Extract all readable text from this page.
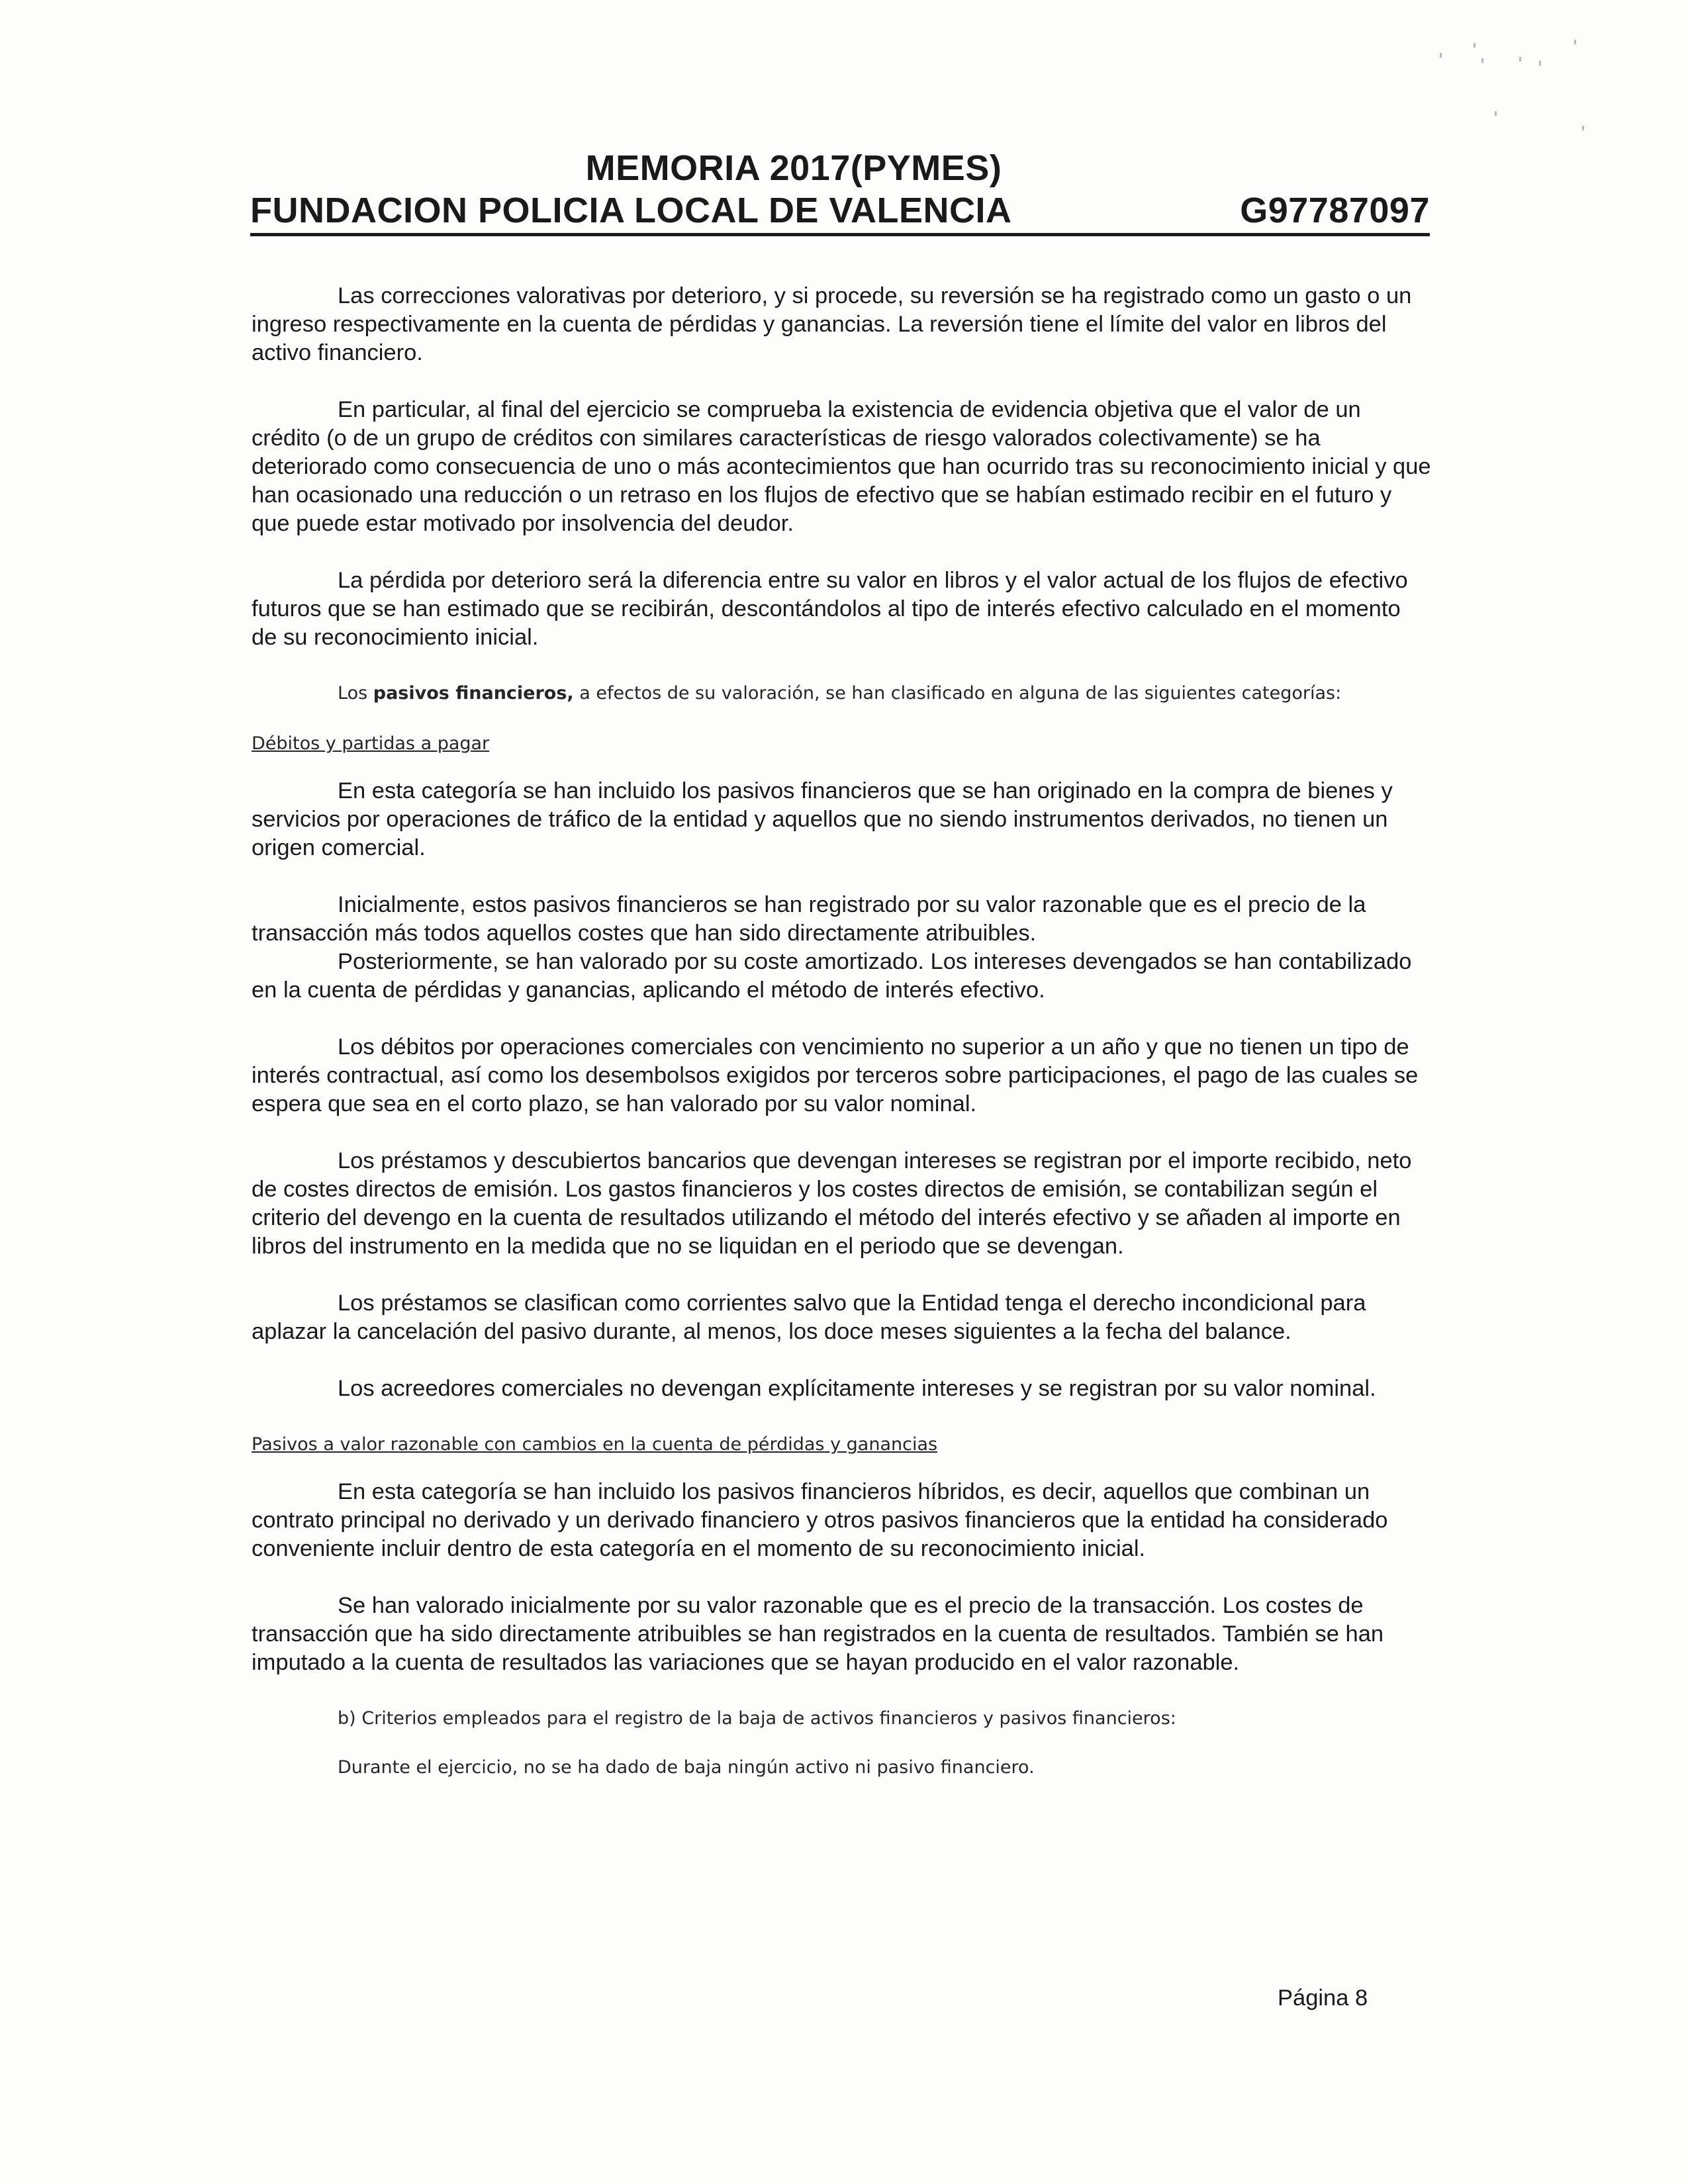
MEMORIA 2017(PYMES)
FUNDACION POLICIA LOCAL DE VALENCIA	G97787097

Las correcciones valorativas por deterioro, y si procede, su reversión se ha registrado como un gasto o un ingreso respectivamente en la cuenta de pérdidas y ganancias. La reversión tiene el límite del valor en libros del activo financiero.

En particular, al final del ejercicio se comprueba la existencia de evidencia objetiva que el valor de un crédito (o de un grupo de créditos con similares características de riesgo valorados colectivamente) se ha deteriorado como consecuencia de uno o más acontecimientos que han ocurrido tras su reconocimiento inicial y que han ocasionado una reducción o un retraso en los flujos de efectivo que se habían estimado recibir en el futuro y que puede estar motivado por insolvencia del deudor.

La pérdida por deterioro será la diferencia entre su valor en libros y el valor actual de los flujos de efectivo futuros que se han estimado que se recibirán, descontándolos al tipo de interés efectivo calculado en el momento de su reconocimiento inicial.

Los pasivos financieros, a efectos de su valoración, se han clasificado en alguna de las siguientes categorías:

Débitos y partidas a pagar

En esta categoría se han incluido los pasivos financieros que se han originado en la compra de bienes y servicios por operaciones de tráfico de la entidad y aquellos que no siendo instrumentos derivados, no tienen un origen comercial.

Inicialmente, estos pasivos financieros se han registrado por su valor razonable que es el precio de la transacción más todos aquellos costes que han sido directamente atribuibles.

Posteriormente, se han valorado por su coste amortizado. Los intereses devengados se han contabilizado en la cuenta de pérdidas y ganancias, aplicando el método de interés efectivo.

Los débitos por operaciones comerciales con vencimiento no superior a un año y que no tienen un tipo de interés contractual, así como los desembolsos exigidos por terceros sobre participaciones, el pago de las cuales se espera que sea en el corto plazo, se han valorado por su valor nominal.

Los préstamos y descubiertos bancarios que devengan intereses se registran por el importe recibido, neto de costes directos de emisión. Los gastos financieros y los costes directos de emisión, se contabilizan según el criterio del devengo en la cuenta de resultados utilizando el método del interés efectivo y se añaden al importe en libros del instrumento en la medida que no se liquidan en el periodo que se devengan.

Los préstamos se clasifican como corrientes salvo que la Entidad tenga el derecho incondicional para aplazar la cancelación del pasivo durante, al menos, los doce meses siguientes a la fecha del balance.

Los acreedores comerciales no devengan explícitamente intereses y se registran por su valor nominal.

Pasivos a valor razonable con cambios en la cuenta de pérdidas y ganancias

En esta categoría se han incluido los pasivos financieros híbridos, es decir, aquellos que combinan un contrato principal no derivado y un derivado financiero y otros pasivos financieros que la entidad ha considerado conveniente incluir dentro de esta categoría en el momento de su reconocimiento inicial.

Se han valorado inicialmente por su valor razonable que es el precio de la transacción. Los costes de transacción que ha sido directamente atribuibles se han registrados en la cuenta de resultados. También se han imputado a la cuenta de resultados las variaciones que se hayan producido en el valor razonable.

b) Criterios empleados para el registro de la baja de activos financieros y pasivos financieros:

Durante el ejercicio, no se ha dado de baja ningún activo ni pasivo financiero.

Página 8
